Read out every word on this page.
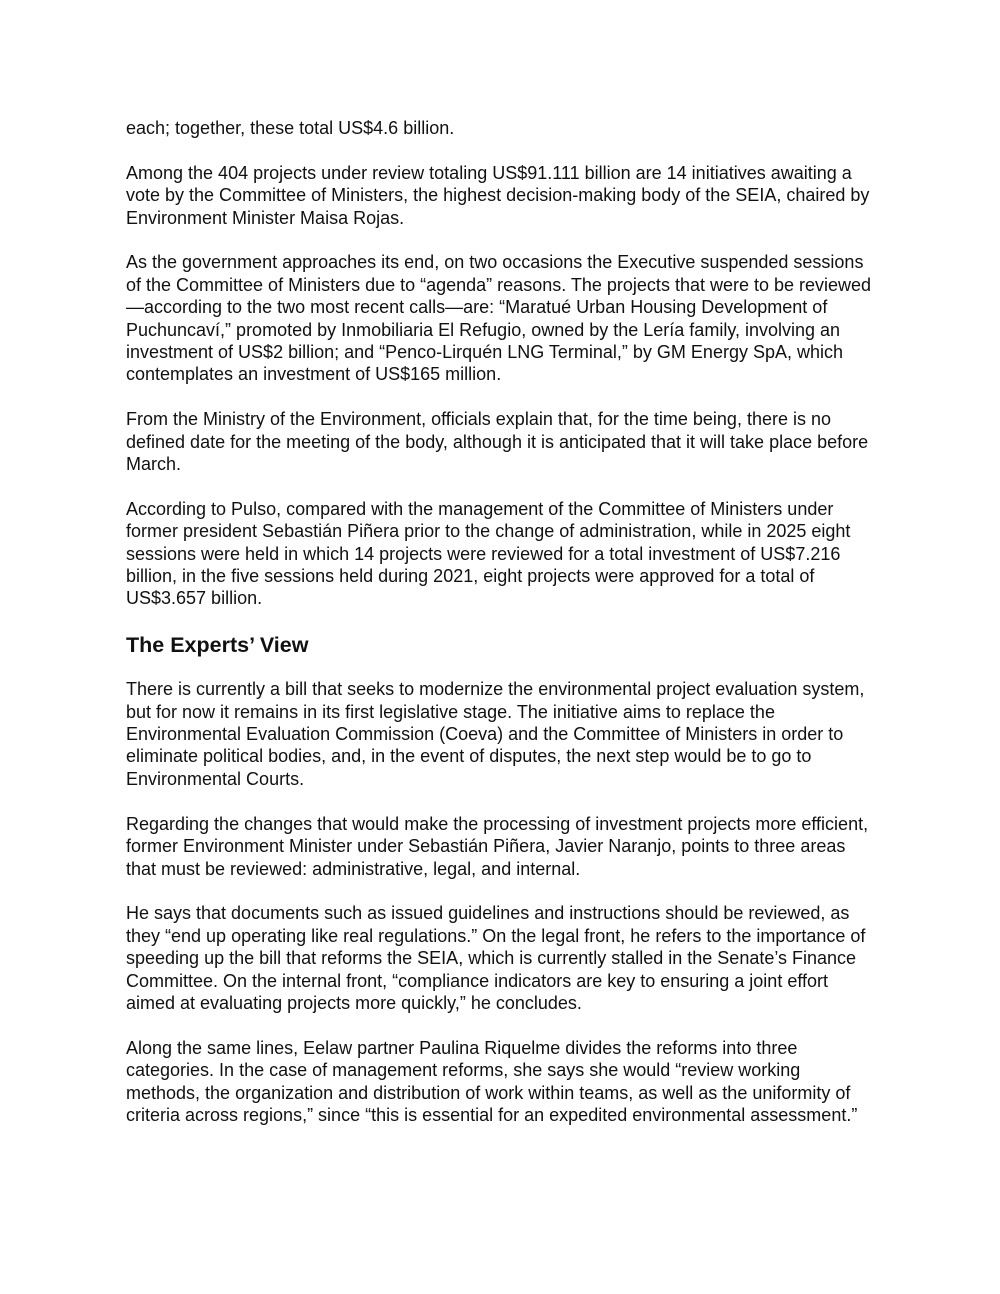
each; together, these total US$4.6 billion.

Among the 404 projects under review totaling US$91.111 billion are 14 initiatives awaiting a vote by the Committee of Ministers, the highest decision-making body of the SEIA, chaired by Environment Minister Maisa Rojas.

As the government approaches its end, on two occasions the Executive suspended sessions of the Committee of Ministers due to “agenda” reasons. The projects that were to be reviewed—according to the two most recent calls—are: “Maratué Urban Housing Development of Puchuncaví,” promoted by Inmobiliaria El Refugio, owned by the Lería family, involving an investment of US$2 billion; and “Penco-Lirquén LNG Terminal,” by GM Energy SpA, which contemplates an investment of US$165 million.

From the Ministry of the Environment, officials explain that, for the time being, there is no defined date for the meeting of the body, although it is anticipated that it will take place before March.

According to Pulso, compared with the management of the Committee of Ministers under former president Sebastián Piñera prior to the change of administration, while in 2025 eight sessions were held in which 14 projects were reviewed for a total investment of US$7.216 billion, in the five sessions held during 2021, eight projects were approved for a total of US$3.657 billion.

The Experts’ View

There is currently a bill that seeks to modernize the environmental project evaluation system, but for now it remains in its first legislative stage. The initiative aims to replace the Environmental Evaluation Commission (Coeva) and the Committee of Ministers in order to eliminate political bodies, and, in the event of disputes, the next step would be to go to Environmental Courts.

Regarding the changes that would make the processing of investment projects more efficient, former Environment Minister under Sebastián Piñera, Javier Naranjo, points to three areas that must be reviewed: administrative, legal, and internal.

He says that documents such as issued guidelines and instructions should be reviewed, as they “end up operating like real regulations.” On the legal front, he refers to the importance of speeding up the bill that reforms the SEIA, which is currently stalled in the Senate’s Finance Committee. On the internal front, “compliance indicators are key to ensuring a joint effort aimed at evaluating projects more quickly,” he concludes.

Along the same lines, Eelaw partner Paulina Riquelme divides the reforms into three categories. In the case of management reforms, she says she would “review working methods, the organization and distribution of work within teams, as well as the uniformity of criteria across regions,” since “this is essential for an expedited environmental assessment.”
